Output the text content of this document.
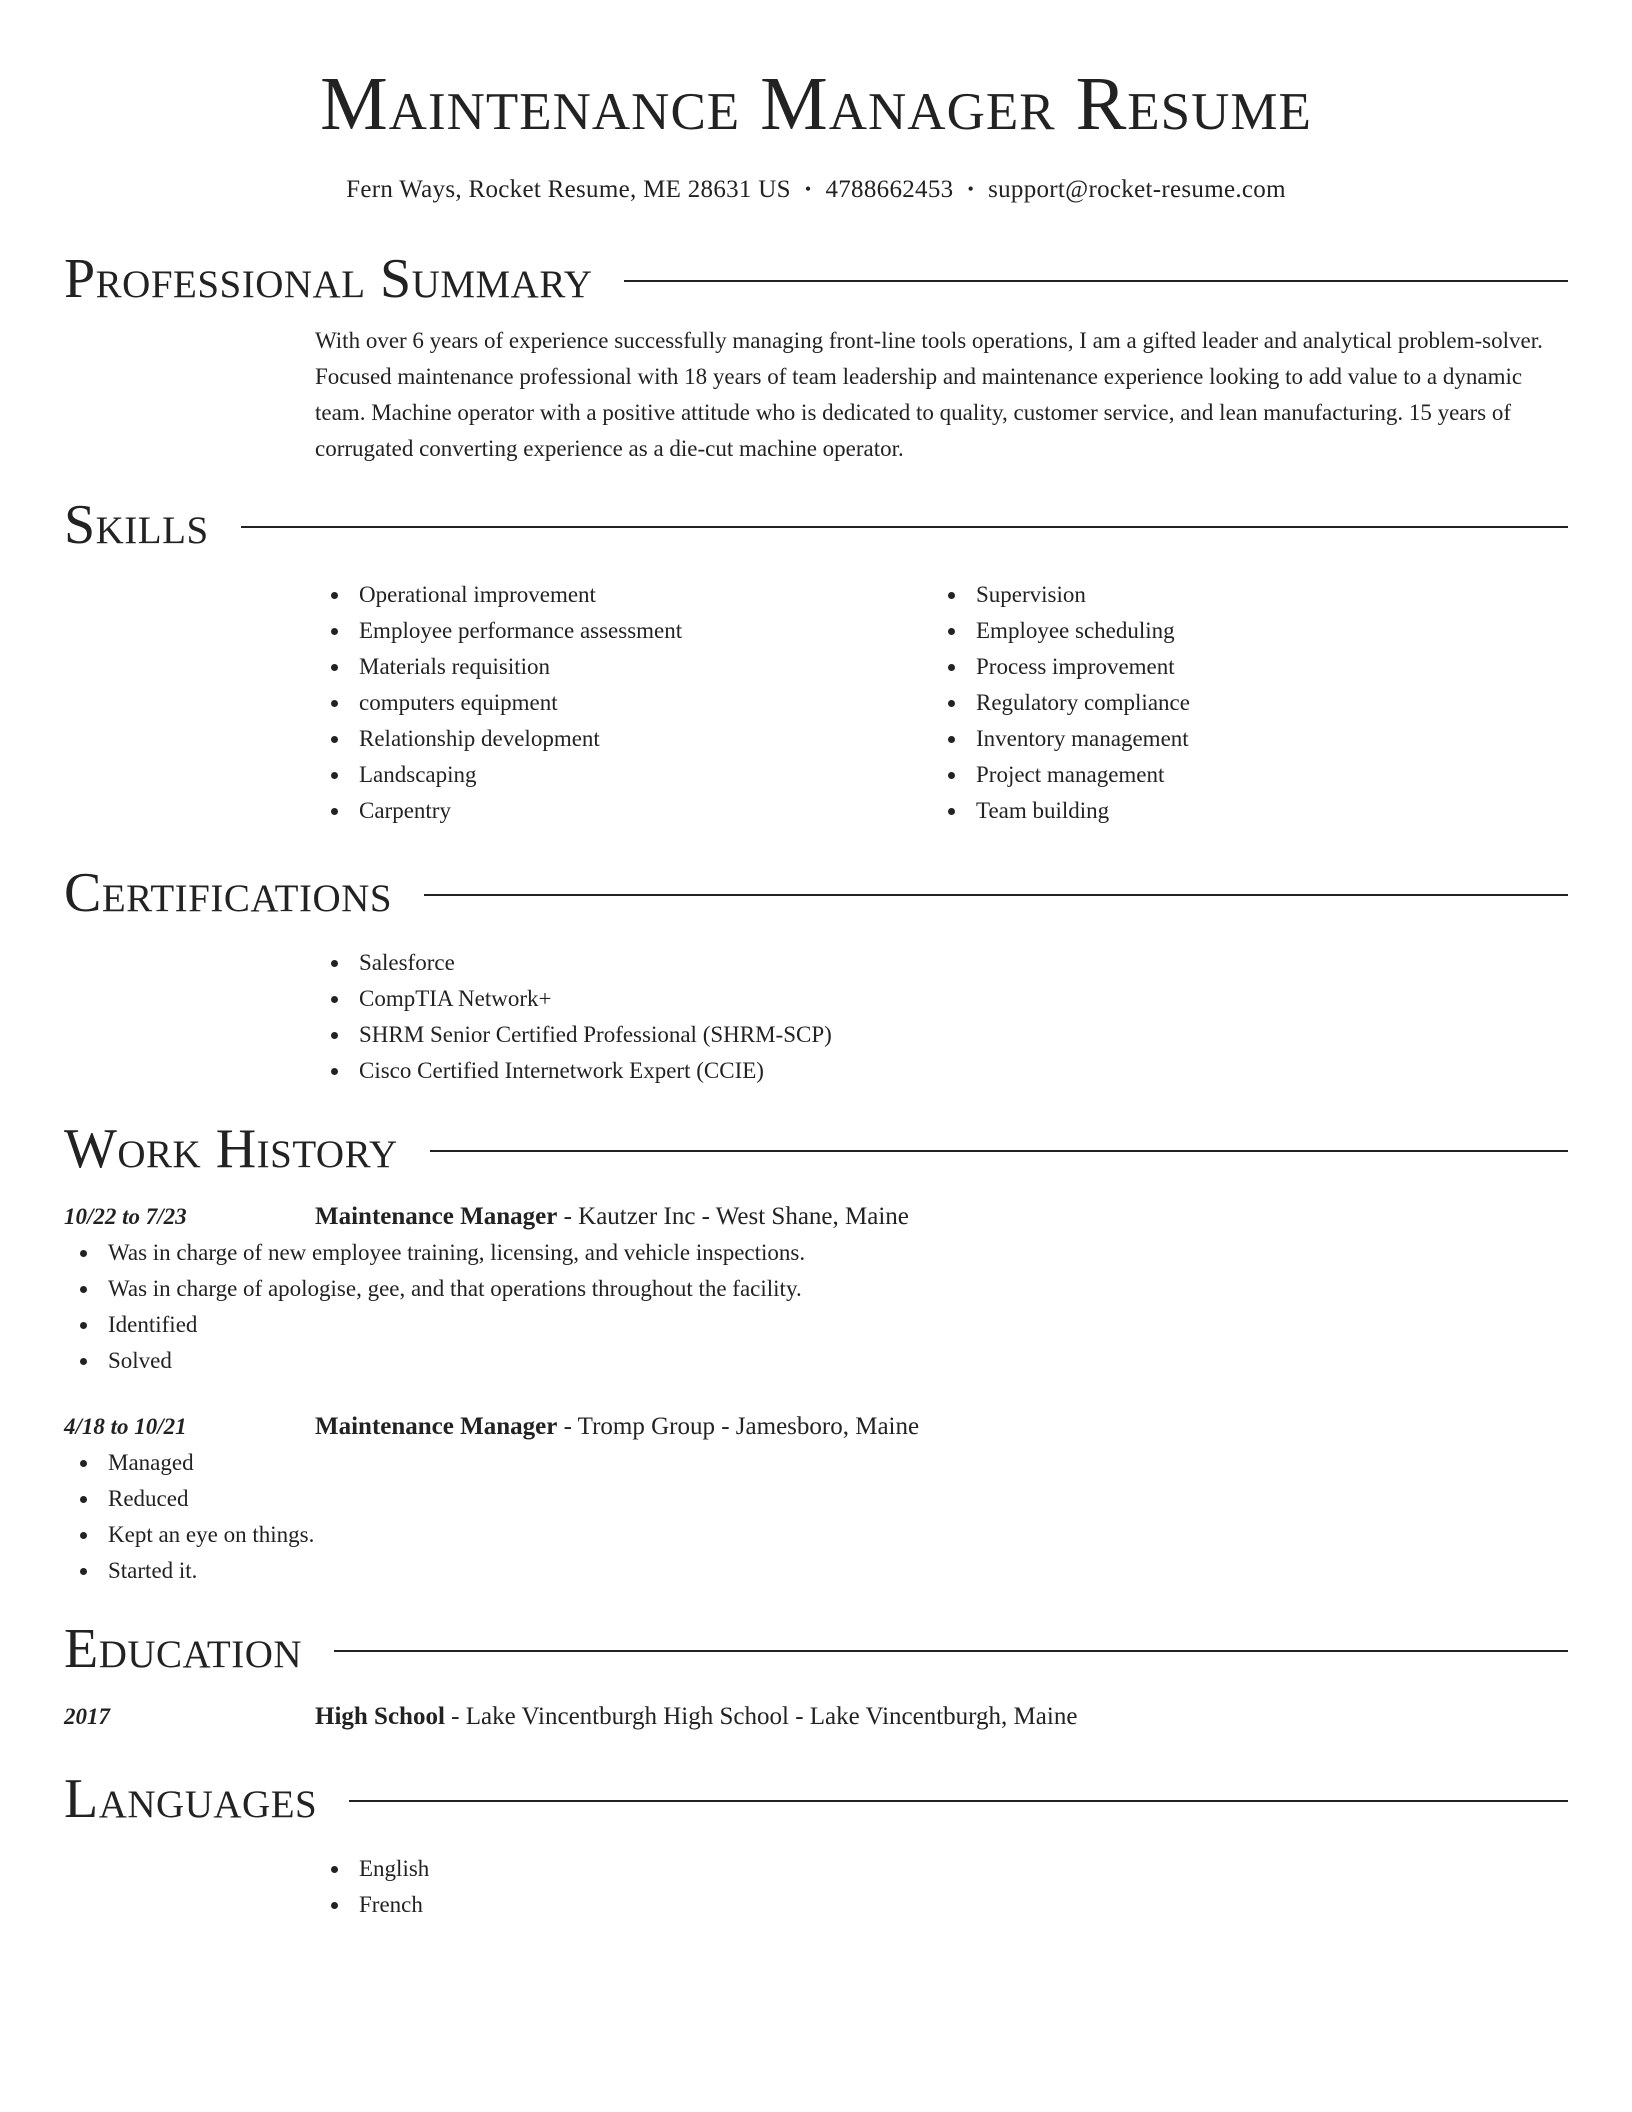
Maintenance Manager Resume
Fern Ways, Rocket Resume, ME 28631 US • 4788662453 • support@rocket-resume.com
Professional Summary

With over 6 years of experience successfully managing front-line tools operations, I am a gifted leader and analytical problem-solver. Focused maintenance professional with 18 years of team leadership and maintenance experience looking to add value to a dynamic team. Machine operator with a positive attitude who is dedicated to quality, customer service, and lean manufacturing. 15 years of corrugated converting experience as a die-cut machine operator.

Skills
Operational improvement
Employee performance assessment
Materials requisition
computers equipment
Relationship development
Landscaping
Carpentry
Supervision
Employee scheduling
Process improvement
Regulatory compliance
Inventory management
Project management
Team building
Certifications
Salesforce
CompTIA Network+
SHRM Senior Certified Professional (SHRM-SCP)
Cisco Certified Internetwork Expert (CCIE)
Work History
10/22 to 7/23	Maintenance Manager - Kautzer Inc - West Shane, Maine
Was in charge of new employee training, licensing, and vehicle inspections.
Was in charge of apologise, gee, and that operations throughout the facility.
Identified
Solved
4/18 to 10/21	Maintenance Manager - Tromp Group - Jamesboro, Maine
Managed
Reduced
Kept an eye on things.
Started it.
Education
2017	High School - Lake Vincentburgh High School - Lake Vincentburgh, Maine
Languages
English
French
